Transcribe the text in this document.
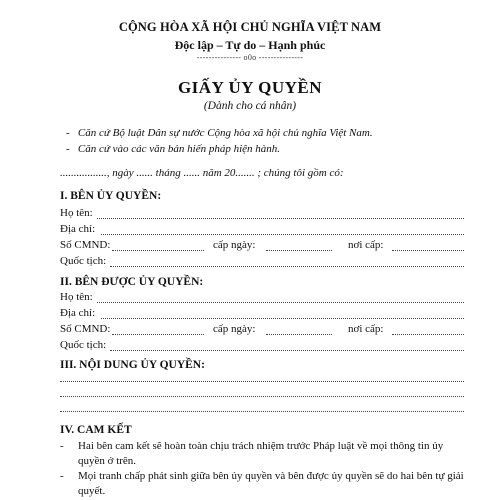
CỘNG HÒA XÃ HỘI CHỦ NGHĨA VIỆT NAM
Độc lập – Tự do – Hạnh phúc
--------------- o0o ---------------
GIẤY ỦY QUYỀN
(Dành cho cá nhân)
- Căn cứ Bộ luật Dân sự nước Cộng hòa xã hội chủ nghĩa Việt Nam.
- Căn cứ vào các văn bản hiến pháp hiện hành.
................., ngày ...... tháng ...... năm 20....... ; chúng tôi gồm có:
I. BÊN ỦY QUYỀN:
Họ tên:
Địa chỉ:
Số CMND:	cấp ngày:	nơi cấp:
Quốc tịch:
II. BÊN ĐƯỢC ỦY QUYỀN:
Họ tên:
Địa chỉ:
Số CMND:	cấp ngày:	nơi cấp:
Quốc tịch:
III. NỘI DUNG ỦY QUYỀN:
IV. CAM KẾT
- Hai bên cam kết sẽ hoàn toàn chịu trách nhiệm trước Pháp luật về mọi thông tin ủy
quyền ở trên.
- Mọi tranh chấp phát sinh giữa bên ủy quyền và bên được ủy quyền sẽ do hai bên tự giải
quyết.
